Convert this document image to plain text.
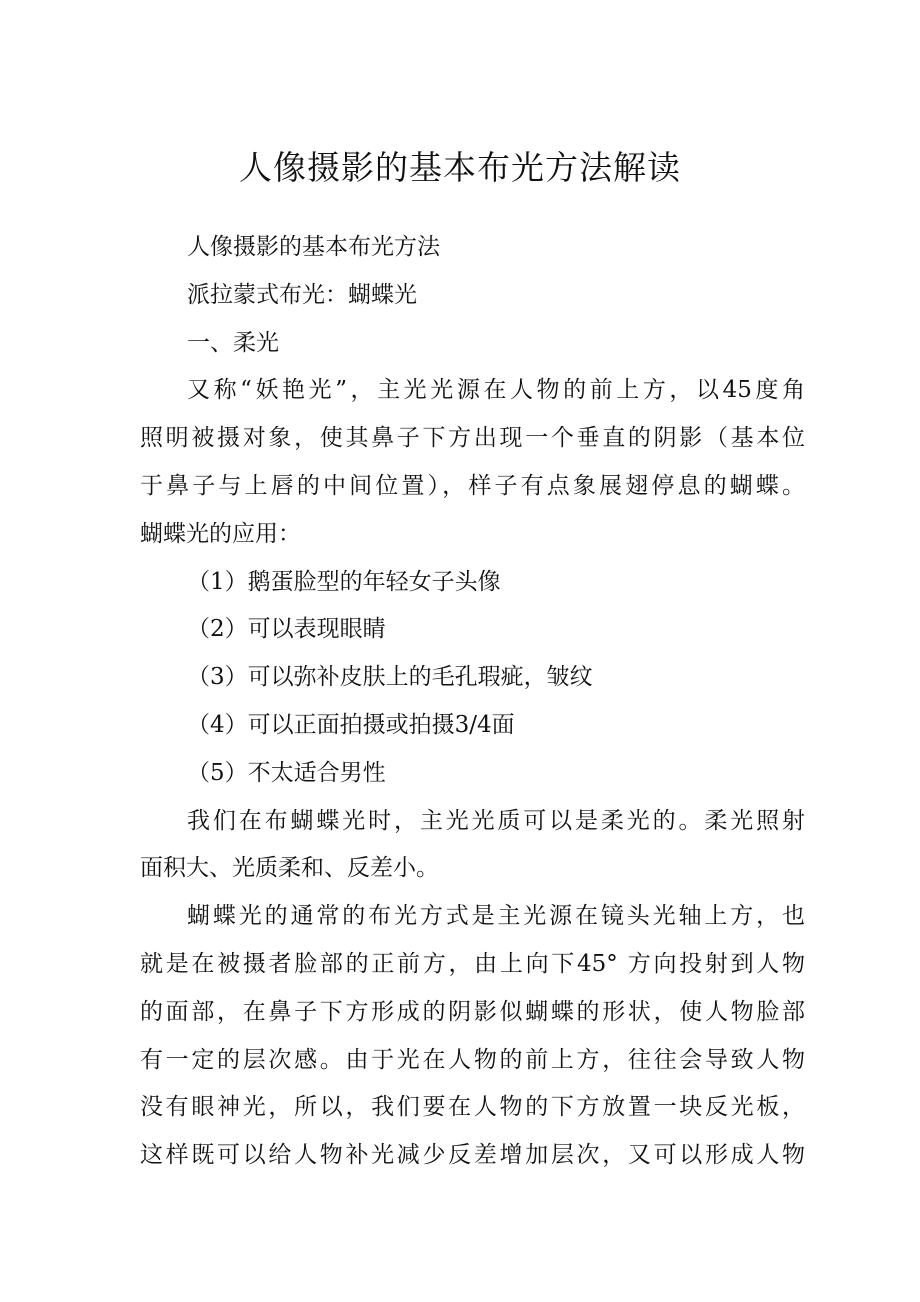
人像摄影的基本布光方法解读

人像摄影的基本布光方法

派拉蒙式布光：蝴蝶光

一、柔光

又称“妖艳光”，主光光源在人物的前上方，以45度角

照明被摄对象，使其鼻子下方出现一个垂直的阴影（基本位

于鼻子与上唇的中间位置），样子有点象展翅停息的蝴蝶。

蝴蝶光的应用：

（1）鹅蛋脸型的年轻女子头像

（2）可以表现眼睛

（3）可以弥补皮肤上的毛孔瑕疵，皱纹

（4）可以正面拍摄或拍摄3/4面

（5）不太适合男性

我们在布蝴蝶光时，主光光质可以是柔光的。柔光照射

面积大、光质柔和、反差小。

蝴蝶光的通常的布光方式是主光源在镜头光轴上方，也

就是在被摄者脸部的正前方，由上向下45° 方向投射到人物

的面部，在鼻子下方形成的阴影似蝴蝶的形状，使人物脸部

有一定的层次感。由于光在人物的前上方，往往会导致人物

没有眼神光，所以，我们要在人物的下方放置一块反光板，

这样既可以给人物补光减少反差增加层次，又可以形成人物
